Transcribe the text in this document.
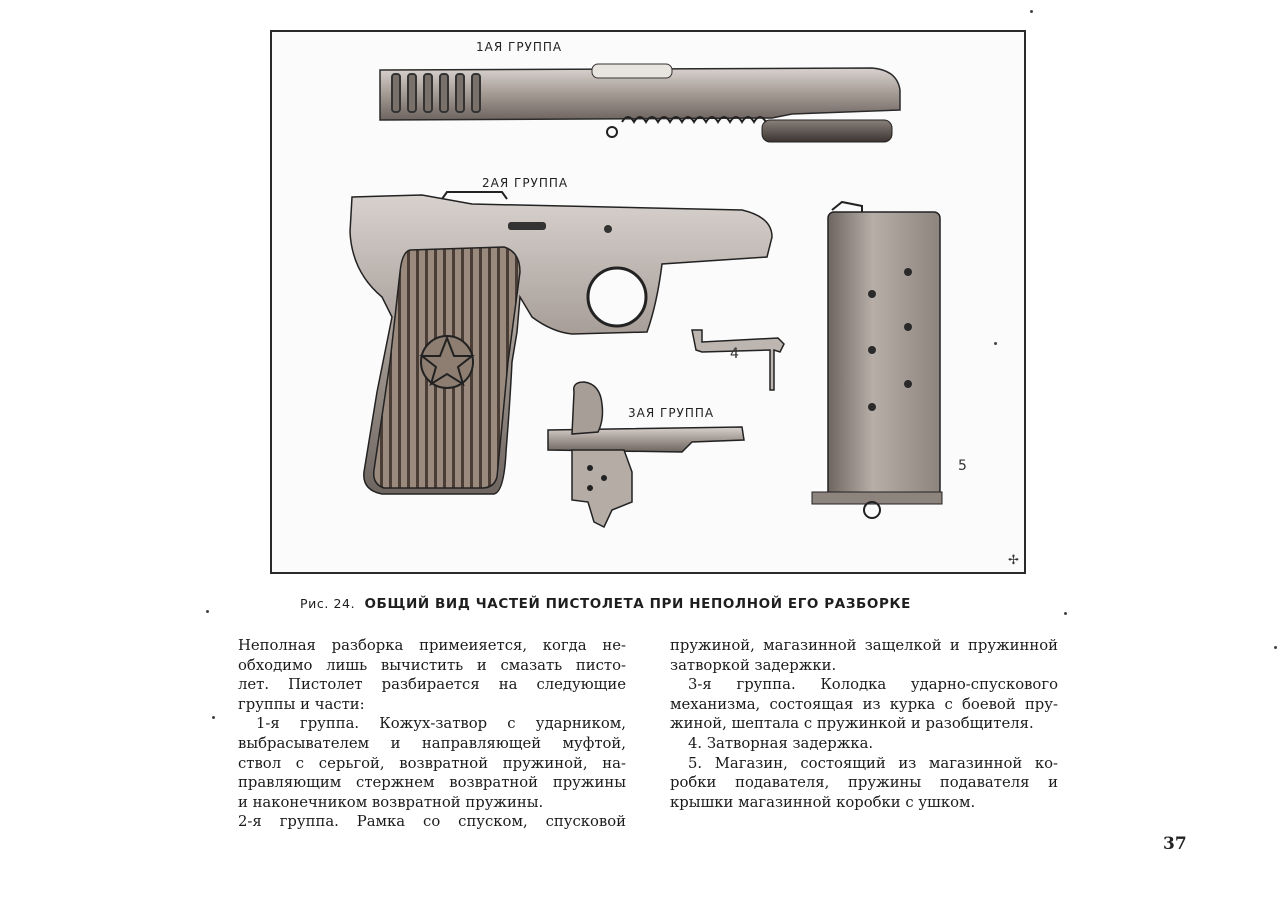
✢
1АЯ ГРУППА
2АЯ ГРУППА
3АЯ ГРУППА
4
5
Рис. 24. ОБЩИЙ ВИД ЧАСТЕЙ ПИСТОЛЕТА ПРИ НЕПОЛНОЙ ЕГО РАЗБОРКЕ
Неполная разборка примеияется, когда не-
обходимо лишь вычистить и смазать писто-
лет. Пистолет разбирается на следующие
группы и части:
1-я группа. Кожух-затвор с ударником,
выбрасывателем и направляющей муфтой,
ствол с серьгой, возвратной пружиной, на-
правляющим стержнем возвратной пружины
и наконечником возвратной пружины.
2-я группа. Рамка со спуском, спусковой
пружиной, магазинной защелкой и пружинной
затворкой задержки.
3-я группа. Колодка ударно-спускового
механизма, состоящая из курка с боевой пру-
жиной, шептала с пружинкой и разобщителя.
4. Затворная задержка.
5. Магазин, состоящий из магазинной ко-
робки подавателя, пружины подавателя и
крышки магазинной коробки с ушком.
37
